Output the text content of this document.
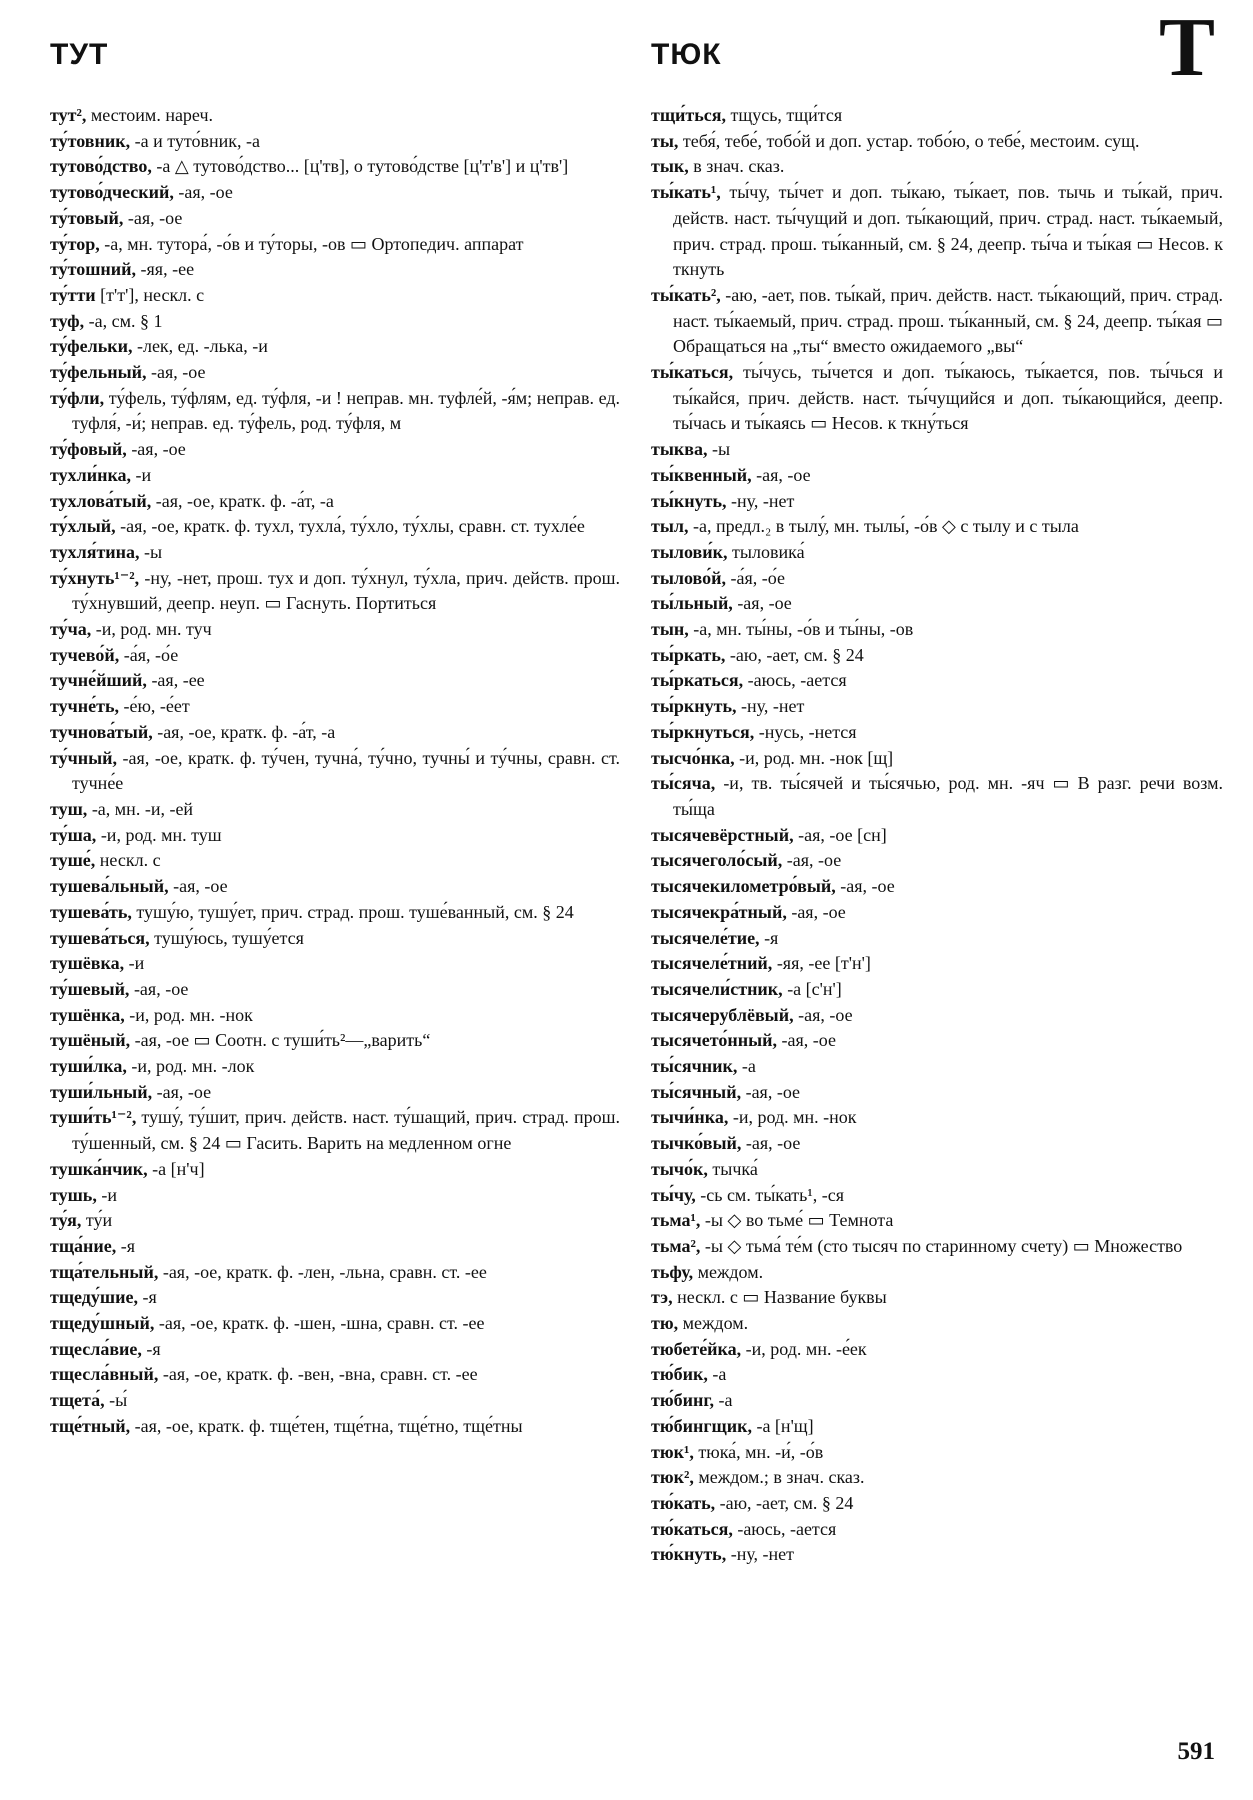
ТУТ	ТЮК	Т

тут², местоим. нареч.

ту́товник, -а и туто́вник, -а

тутово́дство, -а △ тутово́дство... [ц'тв], о тутово́дстве [ц'т'в'] и ц'тв']

тутово́дческий, -ая, -ое

ту́товый, -ая, -ое

ту́тор, -а, мн. тутора́, -о́в и ту́торы, -ов ▭ Ортопедич. аппарат

ту́тошний, -яя, -ее

ту́тти [т'т'], нескл. с

туф, -а, см. § 1

ту́фельки, -лек, ед. -лька, -и

ту́фельный, -ая, -ое

ту́фли, ту́фель, ту́флям, ед. ту́фля, -и ! неправ. мн. туфле́й, -я́м; неправ. ед. туфля́, -и́; неправ. ед. ту́фель, род. ту́фля, м

ту́фовый, -ая, -ое

тухли́нка, -и

тухлова́тый, -ая, -ое, кратк. ф. -а́т, -а

ту́хлый, -ая, -ое, кратк. ф. тухл, тухла́, ту́хло, ту́хлы, сравн. ст. тухле́е

тухля́тина, -ы

ту́хнуть¹⁻², -ну, -нет, прош. тух и доп. ту́хнул, ту́хла, прич. действ. прош. ту́хнувший, деепр. неуп. ▭ Гаснуть. Портиться

ту́ча, -и, род. мн. туч

тучево́й, -а́я, -о́е

тучне́йший, -ая, -ее

тучне́ть, -е́ю, -е́ет

тучнова́тый, -ая, -ое, кратк. ф. -а́т, -а

ту́чный, -ая, -ое, кратк. ф. ту́чен, тучна́, ту́чно, тучны́ и ту́чны, сравн. ст. тучне́е

туш, -а, мн. -и, -ей

ту́ша, -и, род. мн. туш

туше́, нескл. с

тушева́льный, -ая, -ое

тушева́ть, тушу́ю, тушу́ет, прич. страд. прош. туше́ванный, см. § 24

тушева́ться, тушу́юсь, тушу́ется

тушёвка, -и

ту́шевый, -ая, -ое

тушёнка, -и, род. мн. -нок

тушёный, -ая, -ое ▭ Соотн. с туши́ть²—„варить“

туши́лка, -и, род. мн. -лок

туши́льный, -ая, -ое

туши́ть¹⁻², тушу́, ту́шит, прич. действ. наст. ту́шащий, прич. страд. прош. ту́шенный, см. § 24 ▭ Гасить. Варить на медленном огне

тушка́нчик, -а [н'ч]

тушь, -и

ту́я, ту́и

тща́ние, -я

тща́тельный, -ая, -ое, кратк. ф. -лен, -льна, сравн. ст. -ее

тщеду́шие, -я

тщеду́шный, -ая, -ое, кратк. ф. -шен, -шна, сравн. ст. -ее

тщесла́вие, -я

тщесла́вный, -ая, -ое, кратк. ф. -вен, -вна, сравн. ст. -ее

тщета́, -ы́

тще́тный, -ая, -ое, кратк. ф. тще́тен, тще́тна, тще́тно, тще́тны

тщи́ться, тщусь, тщи́тся

ты, тебя́, тебе́, тобо́й и доп. устар. тобо́ю, о тебе́, местоим. сущ.

тык, в знач. сказ.

ты́кать¹, ты́чу, ты́чет и доп. ты́каю, ты́кает, пов. тычь и ты́кай, прич. действ. наст. ты́чущий и доп. ты́кающий, прич. страд. наст. ты́каемый, прич. страд. прош. ты́канный, см. § 24, деепр. ты́ча и ты́кая ▭ Несов. к ткнуть

ты́кать², -аю, -ает, пов. ты́кай, прич. действ. наст. ты́кающий, прич. страд. наст. ты́каемый, прич. страд. прош. ты́канный, см. § 24, деепр. ты́кая ▭ Обращаться на „ты“ вместо ожидаемого „вы“

ты́каться, ты́чусь, ты́чется и доп. ты́каюсь, ты́кается, пов. ты́чься и ты́кайся, прич. действ. наст. ты́чущийся и доп. ты́кающийся, деепр. ты́чась и ты́каясь ▭ Несов. к ткну́ться

тыква, -ы

ты́квенный, -ая, -ое

ты́кнуть, -ну, -нет

тыл, -а, предл.₂ в тылу́, мн. тылы́, -о́в ◇ с тылу и с тыла

тылови́к, тыловика́

тылово́й, -а́я, -о́е

ты́льный, -ая, -ое

тын, -а, мн. ты́ны, -о́в и ты́ны, -ов

ты́ркать, -аю, -ает, см. § 24

ты́ркаться, -аюсь, -ается

ты́ркнуть, -ну, -нет

ты́ркнуться, -нусь, -нется

тысчо́нка, -и, род. мн. -нок [щ]

ты́сяча, -и, тв. ты́сячей и ты́сячью, род. мн. -яч ▭ В разг. речи возм. ты́ща

тысячевёрстный, -ая, -ое [сн]

тысячеголо́сый, -ая, -ое

тысячекилометро́вый, -ая, -ое

тысячекра́тный, -ая, -ое

тысячеле́тие, -я

тысячеле́тний, -яя, -ее [т'н']

тысячели́стник, -а [с'н']

тысячерублёвый, -ая, -ое

тысячето́нный, -ая, -ое

ты́сячник, -а

ты́сячный, -ая, -ое

тычи́нка, -и, род. мн. -нок

тычко́вый, -ая, -ое

тычо́к, тычка́

ты́чу, -сь см. ты́кать¹, -ся

тьма¹, -ы ◇ во тьме́ ▭ Темнота

тьма², -ы ◇ тьма́ те́м (сто тысяч по старинному счету) ▭ Множество

тьфу, междом.

тэ, нескл. с ▭ Название буквы

тю, междом.

тюбете́йка, -и, род. мн. -е́ек

тю́бик, -а

тю́бинг, -а

тю́бингщик, -а [н'щ]

тюк¹, тюка́, мн. -и́, -о́в

тюк², междом.; в знач. сказ.

тю́кать, -аю, -ает, см. § 24

тю́каться, -аюсь, -ается

тю́кнуть, -ну, -нет

591
